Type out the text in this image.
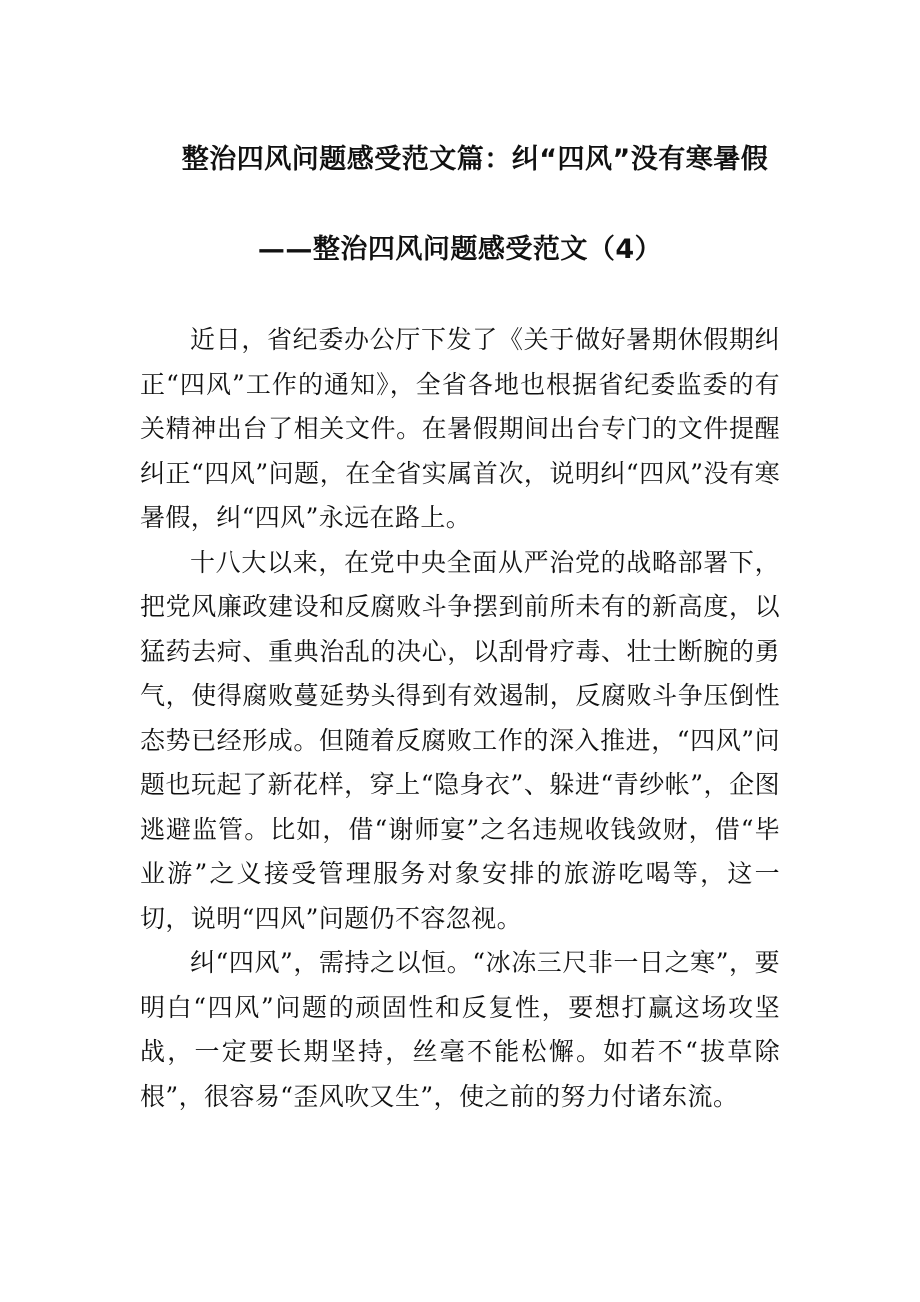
整治四风问题感受范文篇：纠“四风”没有寒暑假
——整治四风问题感受范文（4）

近日，省纪委办公厅下发了《关于做好暑期休假期纠正“四风”工作的通知》，全省各地也根据省纪委监委的有关精神出台了相关文件。在暑假期间出台专门的文件提醒纠正“四风”问题，在全省实属首次，说明纠“四风”没有寒暑假，纠“四风”永远在路上。

十八大以来，在党中央全面从严治党的战略部署下，把党风廉政建设和反腐败斗争摆到前所未有的新高度，以猛药去疴、重典治乱的决心，以刮骨疗毒、壮士断腕的勇气，使得腐败蔓延势头得到有效遏制，反腐败斗争压倒性态势已经形成。但随着反腐败工作的深入推进，“四风”问题也玩起了新花样，穿上“隐身衣”、躲进“青纱帐”，企图逃避监管。比如，借“谢师宴”之名违规收钱敛财，借“毕业游”之义接受管理服务对象安排的旅游吃喝等，这一切，说明“四风”问题仍不容忽视。

纠“四风”，需持之以恒。“冰冻三尺非一日之寒”，要明白“四风”问题的顽固性和反复性，要想打赢这场攻坚战，一定要长期坚持，丝毫不能松懈。如若不“拔草除根”，很容易“歪风吹又生”，使之前的努力付诸东流。
